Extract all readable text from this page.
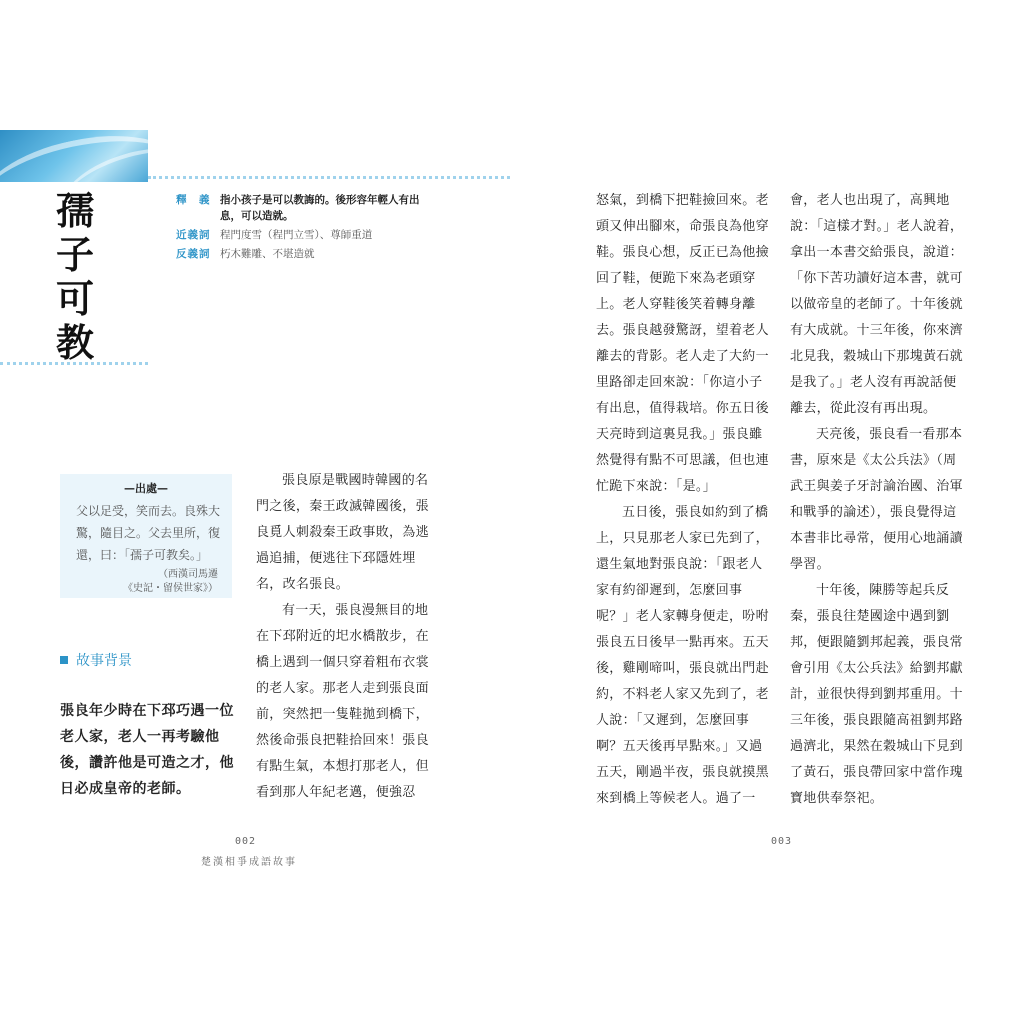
孺
子
可
教
釋　義 指小孩子是可以教誨的。後形容年輕人有出息，可以造就。
近義詞 程門度雪（程門立雪）、尊師重道
反義詞 朽木難雕、不堪造就
—出處—
父以足受，笑而去。良殊大驚，隨目之。父去里所，復還，曰：「孺子可教矣。」
（西漢司馬遷
《史記・留侯世家》）
故事背景
張良年少時在下邳巧遇一位老人家，老人一再考驗他後，讚許他是可造之才，他日必成皇帝的老師。

張良原是戰國時韓國的名門之後，秦王政滅韓國後，張良覓人刺殺秦王政事敗，為逃過追捕，便逃往下邳隱姓埋名，改名張良。

有一天，張良漫無目的地在下邳附近的圯水橋散步，在橋上遇到一個只穿着粗布衣裳的老人家。那老人走到張良面前，突然把一隻鞋拋到橋下，然後命張良把鞋拾回來！張良有點生氣，本想打那老人，但看到那人年紀老邁，便強忍

怒氣，到橋下把鞋撿回來。老頭又伸出腳來，命張良為他穿鞋。張良心想，反正已為他撿回了鞋，便跪下來為老頭穿上。老人穿鞋後笑着轉身離去。張良越發驚訝，望着老人離去的背影。老人走了大約一里路卻走回來說：「你這小子有出息，值得栽培。你五日後天亮時到這裏見我。」張良雖然覺得有點不可思議，但也連忙跪下來說：「是。」

五日後，張良如約到了橋上，只見那老人家已先到了，還生氣地對張良說：「跟老人家有約卻遲到，怎麼回事呢？」老人家轉身便走，吩咐張良五日後早一點再來。五天後，雞剛啼叫，張良就出門赴約，不料老人家又先到了，老人說：「又遲到，怎麼回事啊？五天後再早點來。」又過五天，剛過半夜，張良就摸黑來到橋上等候老人。過了一

會，老人也出現了，高興地說：「這樣才對。」老人說着，拿出一本書交給張良，說道：「你下苦功讀好這本書，就可以做帝皇的老師了。十年後就有大成就。十三年後，你來濟北見我，穀城山下那塊黃石就是我了。」老人沒有再說話便離去，從此沒有再出現。

天亮後，張良看一看那本書，原來是《太公兵法》（周武王與姜子牙討論治國、治軍和戰爭的論述），張良覺得這本書非比尋常，便用心地誦讀學習。

十年後，陳勝等起兵反秦，張良往楚國途中遇到劉邦，便跟隨劉邦起義，張良常會引用《太公兵法》給劉邦獻計，並很快得到劉邦重用。十三年後，張良跟隨高祖劉邦路過濟北，果然在穀城山下見到了黃石，張良帶回家中當作瑰寶地供奉祭祀。

002	003
楚漢相爭成語故事
